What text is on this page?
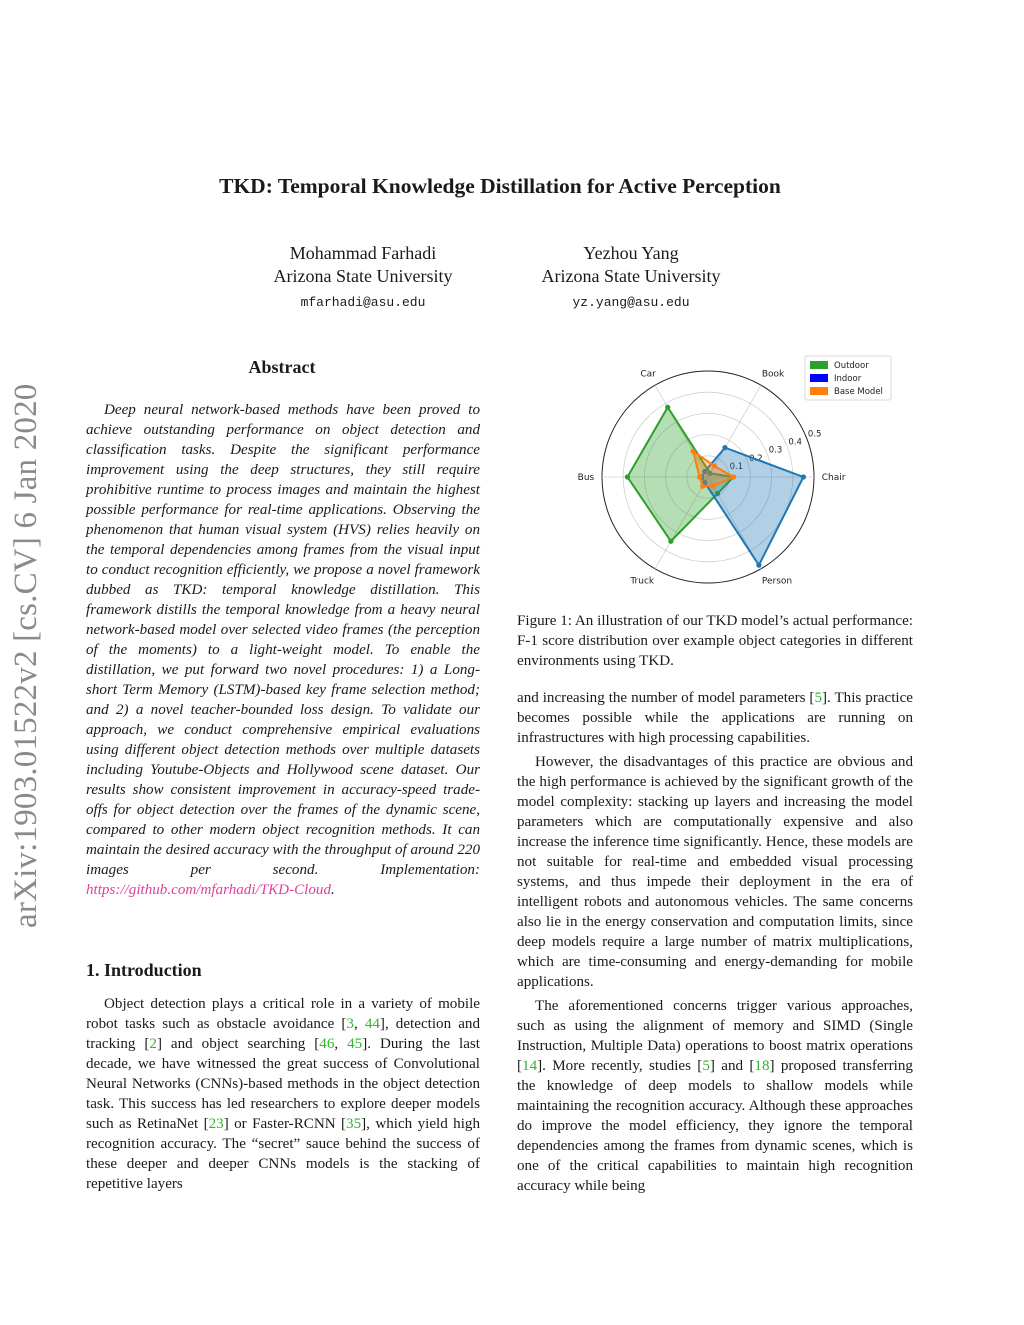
TKD: Temporal Knowledge Distillation for Active Perception
Mohammad Farhadi
Arizona State University
mfarhadi@asu.edu
Yezhou Yang
Arizona State University
yz.yang@asu.edu
arXiv:1903.01522v2 [cs.CV] 6 Jan 2020
Abstract

Deep neural network-based methods have been proved to achieve outstanding performance on object detection and classification tasks. Despite the significant performance improvement using the deep structures, they still require prohibitive runtime to process images and maintain the highest possible performance for real-time applications. Observing the phenomenon that human visual system (HVS) relies heavily on the temporal dependencies among frames from the visual input to conduct recognition efficiently, we propose a novel framework dubbed as TKD: temporal knowledge distillation. This framework distills the temporal knowledge from a heavy neural network-based model over selected video frames (the perception of the moments) to a light-weight model. To enable the distillation, we put forward two novel procedures: 1) a Long-short Term Memory (LSTM)-based key frame selection method; and 2) a novel teacher-bounded loss design. To validate our approach, we conduct comprehensive empirical evaluations using different object detection methods over multiple datasets including Youtube-Objects and Hollywood scene dataset. Our results show consistent improvement in accuracy-speed trade-offs for object detection over the frames of the dynamic scene, compared to other modern object recognition methods. It can maintain the desired accuracy with the throughput of around 220 images per second. Implementation: https://github.com/mfarhadi/TKD-Cloud.

1. Introduction

Object detection plays a critical role in a variety of mobile robot tasks such as obstacle avoidance [3, 44], detection and tracking [2] and object searching [46, 45]. During the last decade, we have witnessed the great success of Convolutional Neural Networks (CNNs)-based methods in the object detection task. This success has led researchers to explore deeper models such as RetinaNet [23] or Faster-RCNN [35], which yield high recognition accuracy. The “secret” sauce behind the success of these deeper and deeper CNNs models is the stacking of repetitive layers

0.1
0.2
0.3
0.4
0.5
Chair
Book
Car
Bus
Truck	Person
Outdoor
Indoor
Base Model
Figure 1: An illustration of our TKD model’s actual performance: F-1 score distribution over example object categories in different environments using TKD.

and increasing the number of model parameters [5]. This practice becomes possible while the applications are running on infrastructures with high processing capabilities.

However, the disadvantages of this practice are obvious and the high performance is achieved by the significant growth of the model complexity: stacking up layers and increasing the model parameters which are computationally expensive and also increase the inference time significantly. Hence, these models are not suitable for real-time and embedded visual processing systems, and thus impede their deployment in the era of intelligent robots and autonomous vehicles. The same concerns also lie in the energy conservation and computation limits, since deep models require a large number of matrix multiplications, which are time-consuming and energy-demanding for mobile applications.

The aforementioned concerns trigger various approaches, such as using the alignment of memory and SIMD (Single Instruction, Multiple Data) operations to boost matrix operations [14]. More recently, studies [5] and [18] proposed transferring the knowledge of deep models to shallow models while maintaining the recognition accuracy. Although these approaches do improve the model efficiency, they ignore the temporal dependencies among the frames from dynamic scenes, which is one of the critical capabilities to maintain high recognition accuracy while being
